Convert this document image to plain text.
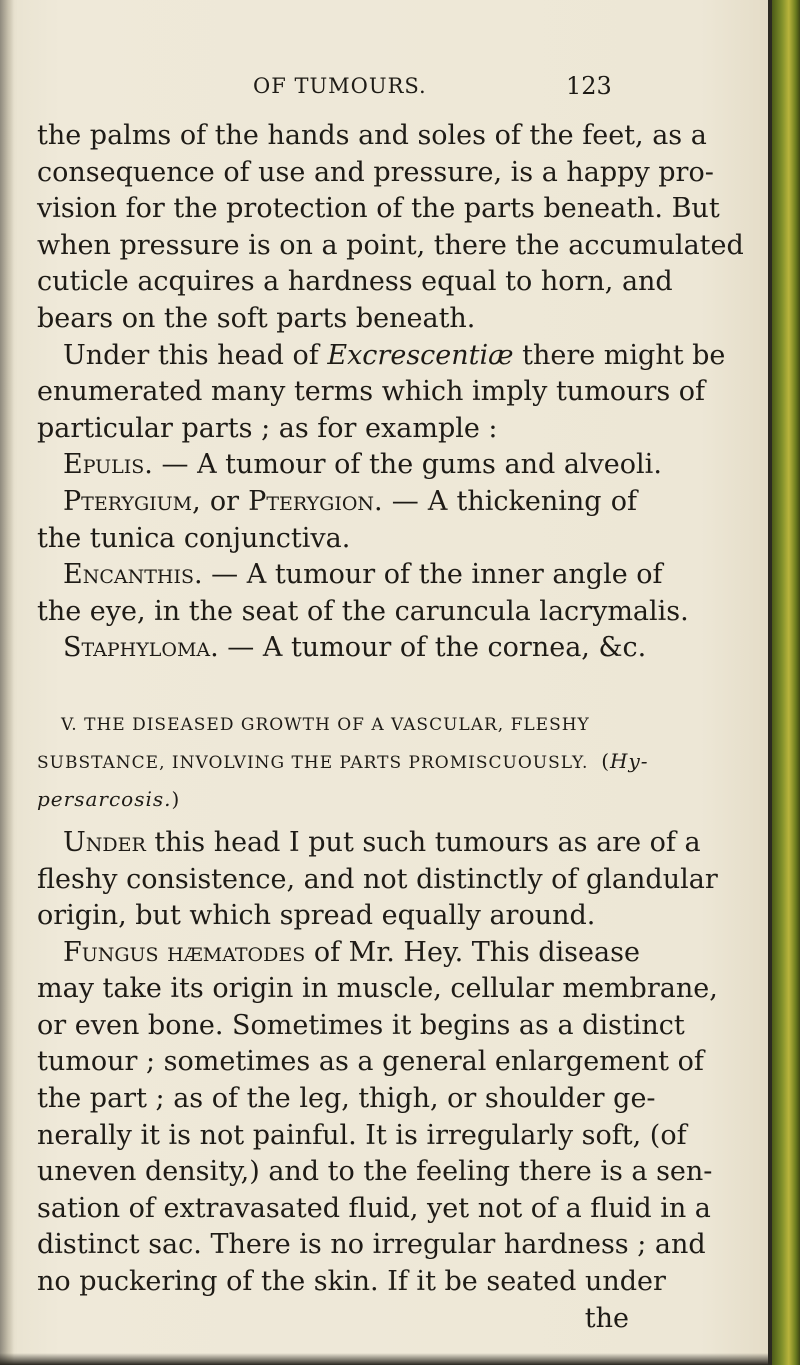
OF TUMOURS.	123
the palms of the hands and soles of the feet, as a
consequence of use and pressure, is a happy pro-
vision for the protection of the parts beneath. But
when pressure is on a point, there the accumulated
cuticle acquires a hardness equal to horn, and
bears on the soft parts beneath.
Under this head of Excrescentiæ there might be
enumerated many terms which imply tumours of
particular parts ; as for example :
Epulis. — A tumour of the gums and alveoli.
Pterygium, or Pterygion. — A thickening of
the tunica conjunctiva.
Encanthis. — A tumour of the inner angle of
the eye, in the seat of the caruncula lacrymalis.
Staphyloma. — A tumour of the cornea, &c.
V. THE DISEASED GROWTH OF A VASCULAR, FLESHY
SUBSTANCE, INVOLVING THE PARTS PROMISCUOUSLY. (Hy-
persarcosis.)
Under this head I put such tumours as are of a
fleshy consistence, and not distinctly of glandular
origin, but which spread equally around.
Fungus hæmatodes of Mr. Hey. This disease
may take its origin in muscle, cellular membrane,
or even bone. Sometimes it begins as a distinct
tumour ; sometimes as a general enlargement of
the part ; as of the leg, thigh, or shoulder ge-
nerally it is not painful. It is irregularly soft, (of
uneven density,) and to the feeling there is a sen-
sation of extravasated fluid, yet not of a fluid in a
distinct sac. There is no irregular hardness ; and
no puckering of the skin. If it be seated under
the
